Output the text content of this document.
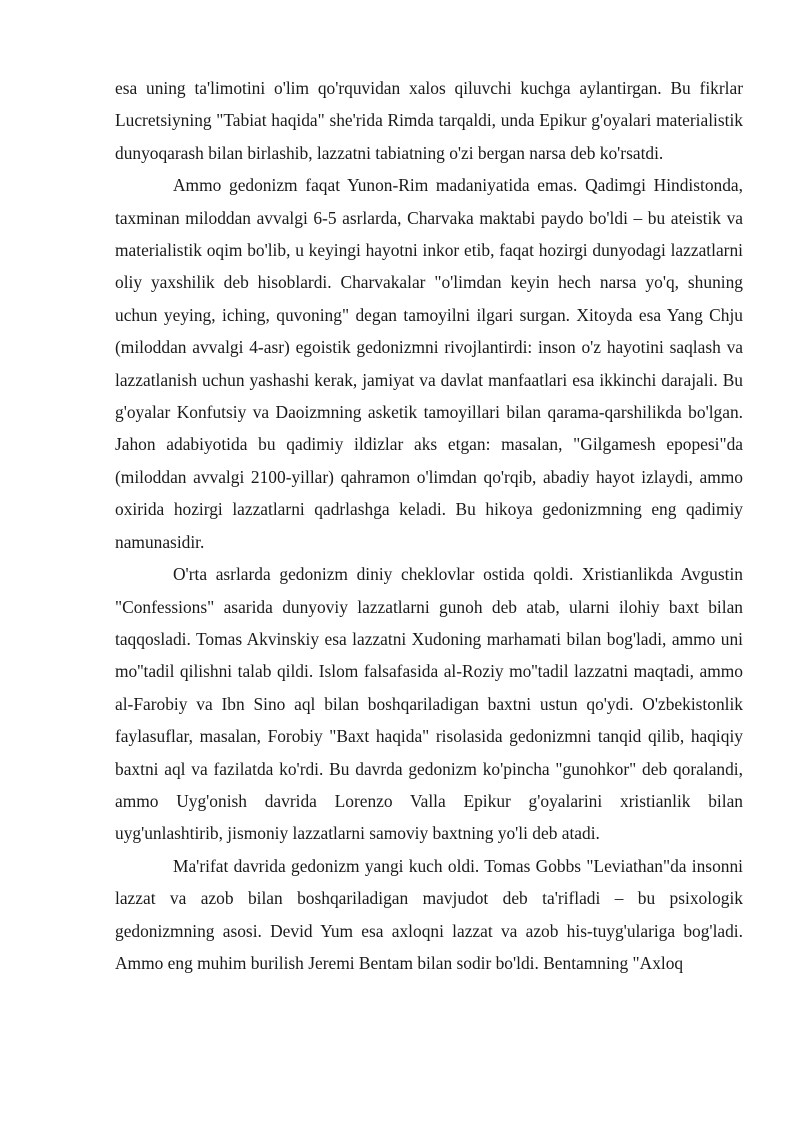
esa uning ta'limotini o'lim qo'rquvidan xalos qiluvchi kuchga aylantirgan. Bu fikrlar Lucretsiyning "Tabiat haqida" she'rida Rimda tarqaldi, unda Epikur g'oyalari materialistik dunyoqarash bilan birlashib, lazzatni tabiatning o'zi bergan narsa deb ko'rsatdi.

Ammo gedonizm faqat Yunon-Rim madaniyatida emas. Qadimgi Hindistonda, taxminan miloddan avvalgi 6-5 asrlarda, Charvaka maktabi paydo bo'ldi – bu ateistik va materialistik oqim bo'lib, u keyingi hayotni inkor etib, faqat hozirgi dunyodagi lazzatlarni oliy yaxshilik deb hisoblardi. Charvakalar "o'limdan keyin hech narsa yo'q, shuning uchun yeying, iching, quvoning" degan tamoyilni ilgari surgan. Xitoyda esa Yang Chju (miloddan avvalgi 4-asr) egoistik gedonizmni rivojlantirdi: inson o'z hayotini saqlash va lazzatlanish uchun yashashi kerak, jamiyat va davlat manfaatlari esa ikkinchi darajali. Bu g'oyalar Konfutsiy va Daoizmning asketik tamoyillari bilan qarama-qarshilikda bo'lgan. Jahon adabiyotida bu qadimiy ildizlar aks etgan: masalan, "Gilgamesh epopesi"da (miloddan avvalgi 2100-yillar) qahramon o'limdan qo'rqib, abadiy hayot izlaydi, ammo oxirida hozirgi lazzatlarni qadrlashga keladi. Bu hikoya gedonizmning eng qadimiy namunasidir.

O'rta asrlarda gedonizm diniy cheklovlar ostida qoldi. Xristianlikda Avgustin "Confessions" asarida dunyoviy lazzatlarni gunoh deb atab, ularni ilohiy baxt bilan taqqosladi. Tomas Akvinskiy esa lazzatni Xudoning marhamati bilan bog'ladi, ammo uni mo''tadil qilishni talab qildi. Islom falsafasida al-Roziy mo''tadil lazzatni maqtadi, ammo al-Farobiy va Ibn Sino aql bilan boshqariladigan baxtni ustun qo'ydi. O'zbekistonlik faylasuflar, masalan, Forobiy "Baxt haqida" risolasida gedonizmni tanqid qilib, haqiqiy baxtni aql va fazilatda ko'rdi. Bu davrda gedonizm ko'pincha "gunohkor" deb qoralandi, ammo Uyg'onish davrida Lorenzo Valla Epikur g'oyalarini xristianlik bilan uyg'unlashtirib, jismoniy lazzatlarni samoviy baxtning yo'li deb atadi.

Ma'rifat davrida gedonizm yangi kuch oldi. Tomas Gobbs "Leviathan"da insonni lazzat va azob bilan boshqariladigan mavjudot deb ta'rifladi – bu psixologik gedonizmning asosi. Devid Yum esa axloqni lazzat va azob his-tuyg'ulariga bog'ladi. Ammo eng muhim burilish Jeremi Bentam bilan sodir bo'ldi. Bentamning "Axloq
